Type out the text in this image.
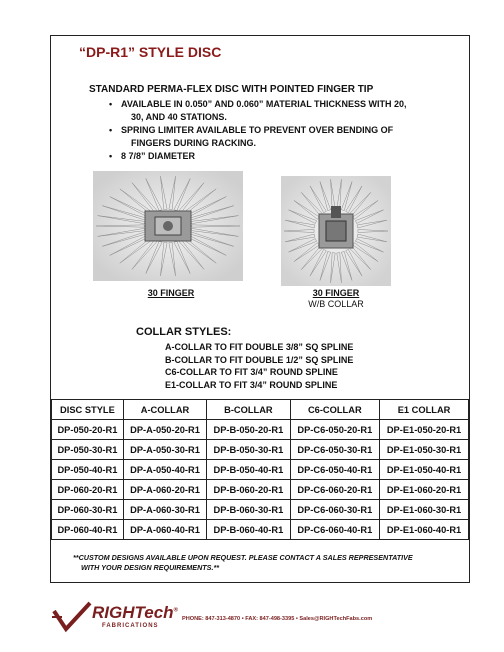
“DP-R1” STYLE DISC
STANDARD PERMA-FLEX DISC WITH POINTED FINGER TIP
• AVAILABLE IN 0.050” AND 0.060” MATERIAL THICKNESS WITH 20,
30, AND 40 STATIONS.
• SPRING LIMITER AVAILABLE TO PREVENT OVER BENDING OF
FINGERS DURING RACKING.
• 8 7/8” DIAMETER
30 FINGER	30 FINGER
W/B COLLAR
COLLAR STYLES:
A-COLLAR TO FIT DOUBLE 3/8” SQ SPLINE
B-COLLAR TO FIT DOUBLE 1/2” SQ SPLINE
C6-COLLAR TO FIT 3/4” ROUND SPLINE
E1-COLLAR TO FIT 3/4” ROUND SPLINE
DISC STYLE	A-COLLAR	B-COLLAR	C6-COLLAR	E1 COLLAR
DP-050-20-R1	DP-A-050-20-R1	DP-B-050-20-R1	DP-C6-050-20-R1	DP-E1-050-20-R1
DP-050-30-R1	DP-A-050-30-R1	DP-B-050-30-R1	DP-C6-050-30-R1	DP-E1-050-30-R1
DP-050-40-R1	DP-A-050-40-R1	DP-B-050-40-R1	DP-C6-050-40-R1	DP-E1-050-40-R1
DP-060-20-R1	DP-A-060-20-R1	DP-B-060-20-R1	DP-C6-060-20-R1	DP-E1-060-20-R1
DP-060-30-R1	DP-A-060-30-R1	DP-B-060-30-R1	DP-C6-060-30-R1	DP-E1-060-30-R1
DP-060-40-R1	DP-A-060-40-R1	DP-B-060-40-R1	DP-C6-060-40-R1	DP-E1-060-40-R1
**CUSTOM DESIGNS AVAILABLE UPON REQUEST. PLEASE CONTACT A SALES REPRESENTATIVE
WITH YOUR DESIGN REQUIREMENTS.**
RIGHTech®
FABRICATIONS
PHONE: 847-313-4870 • FAX: 847-498-3395 • Sales@RIGHTechFabs.com
